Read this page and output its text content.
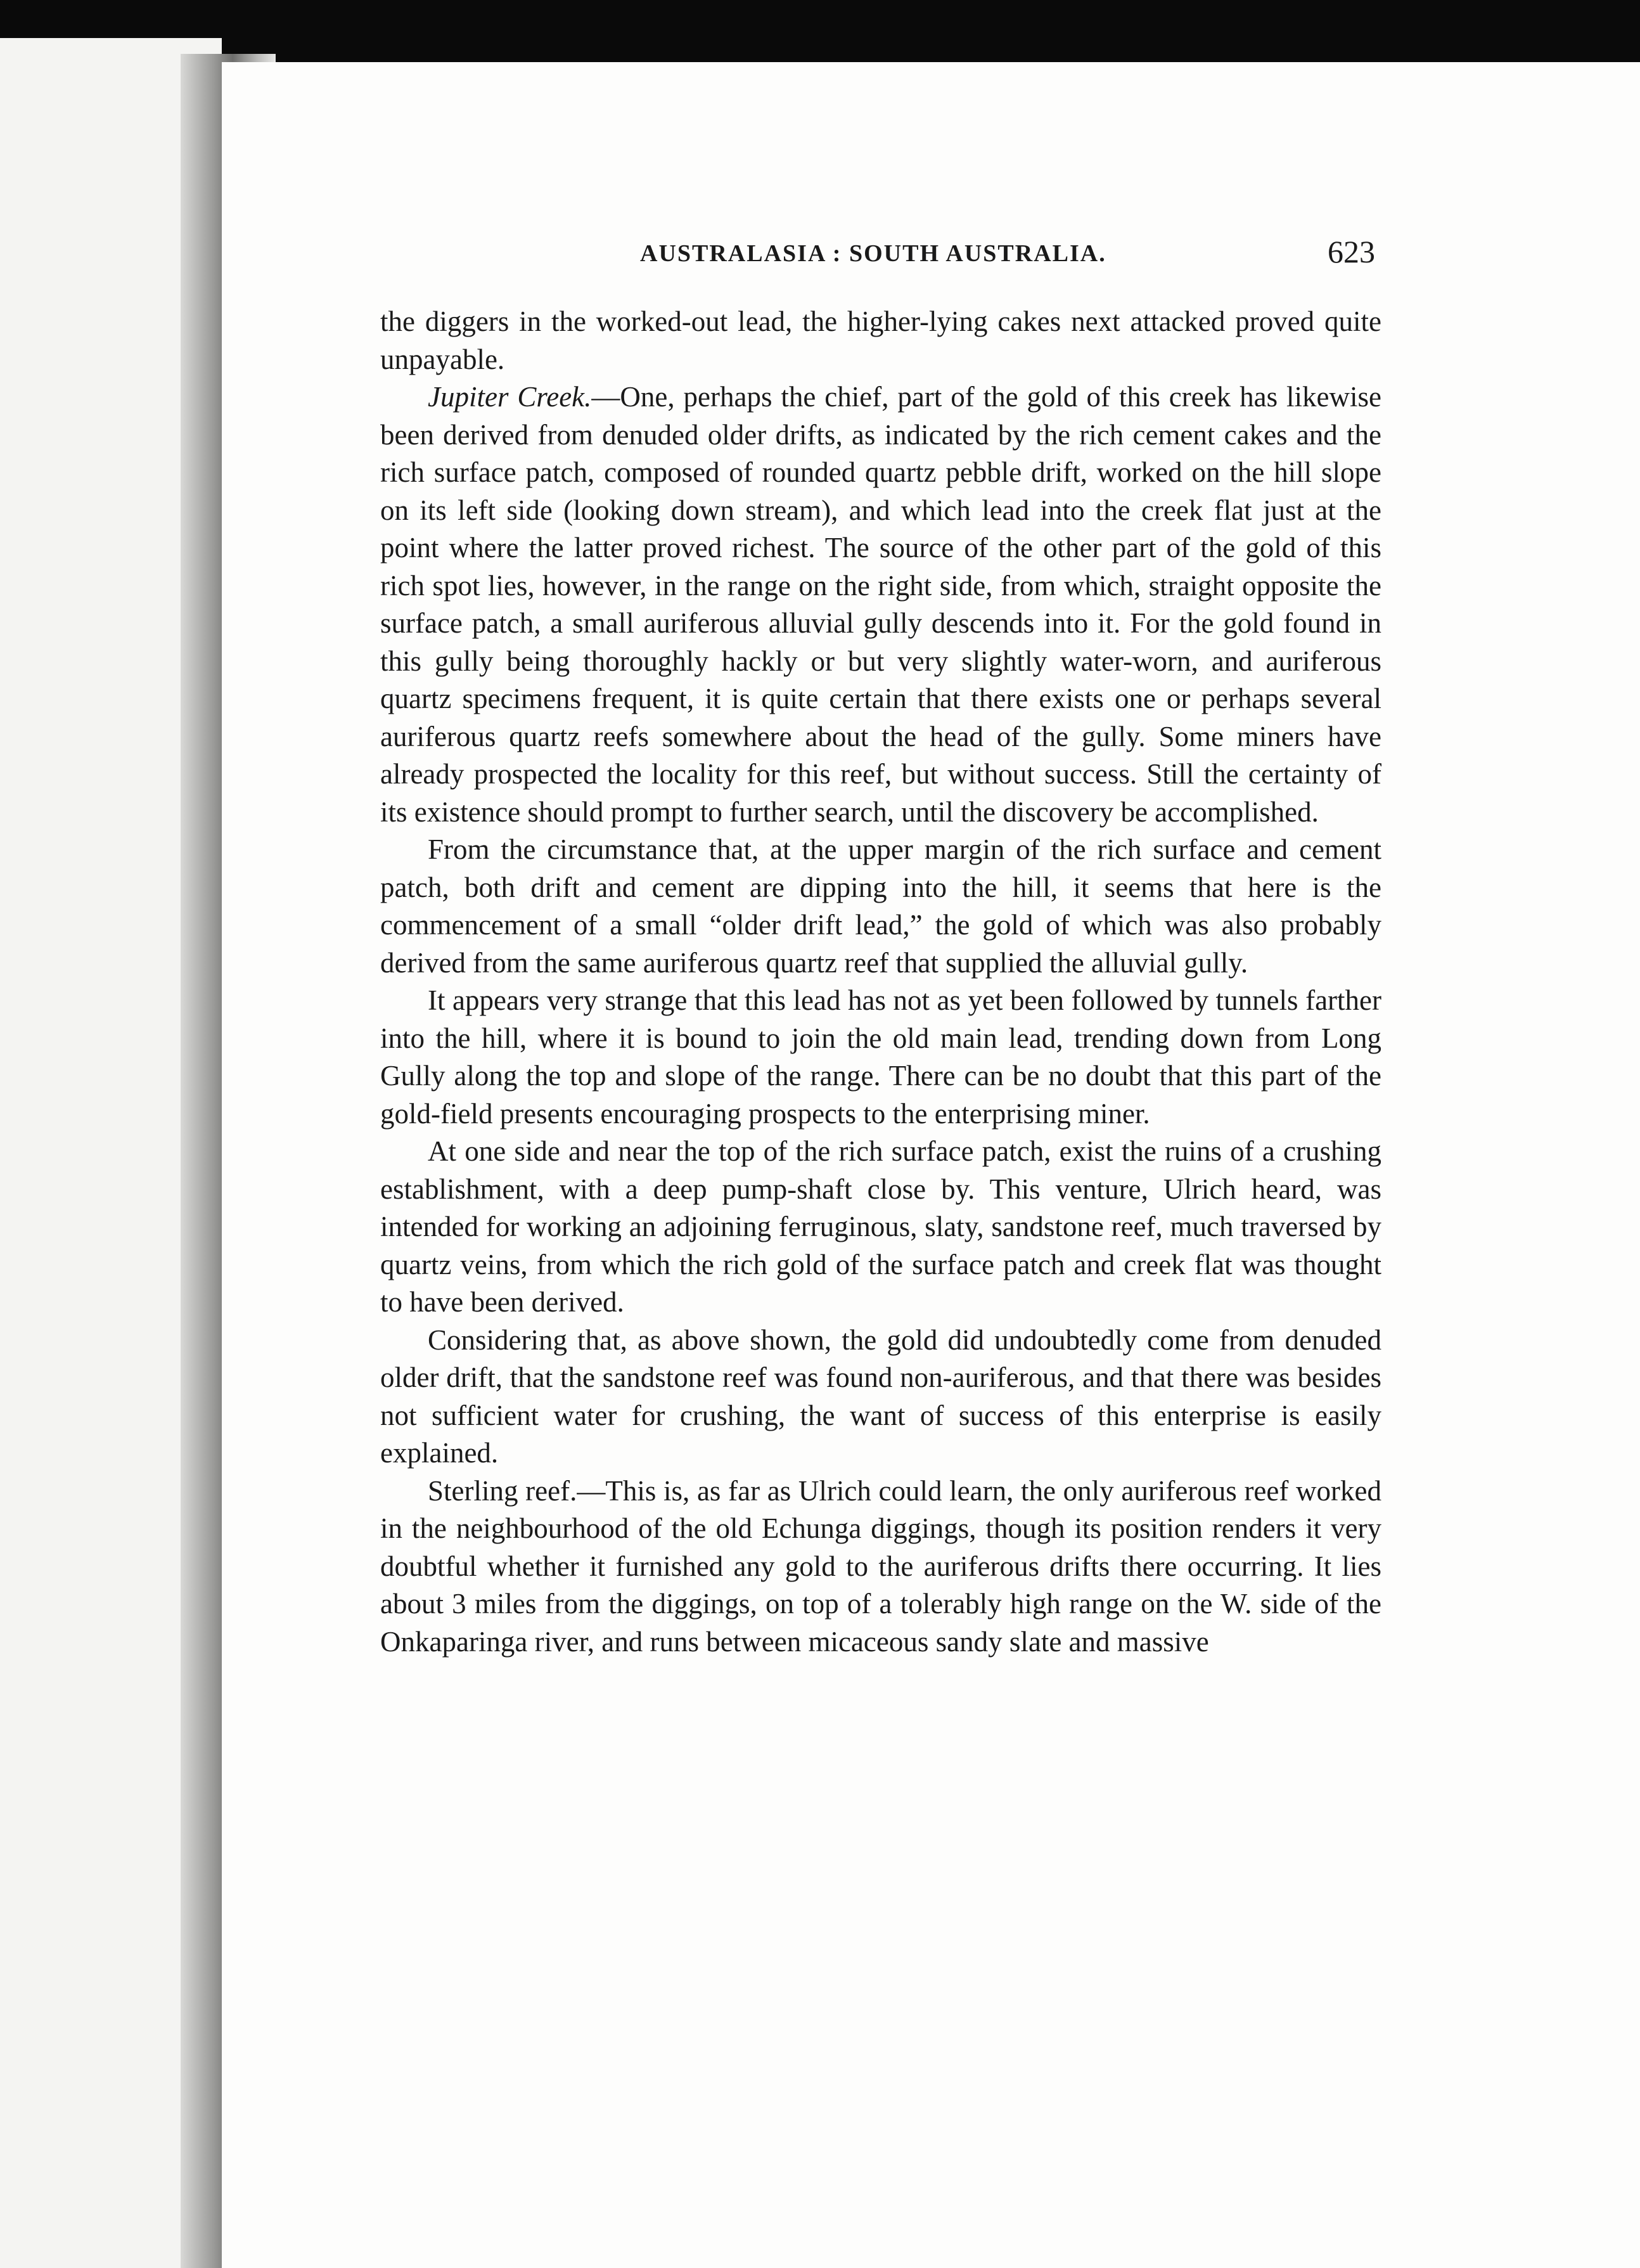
AUSTRALASIA : SOUTH AUSTRALIA.	623

the diggers in the worked-out lead, the higher-lying cakes next attacked proved quite unpayable.

Jupiter Creek.—One, perhaps the chief, part of the gold of this creek has likewise been derived from denuded older drifts, as indicated by the rich cement cakes and the rich surface patch, composed of rounded quartz pebble drift, worked on the hill slope on its left side (looking down stream), and which lead into the creek flat just at the point where the latter proved richest. The source of the other part of the gold of this rich spot lies, however, in the range on the right side, from which, straight opposite the surface patch, a small auriferous alluvial gully descends into it. For the gold found in this gully being thoroughly hackly or but very slightly water-worn, and auriferous quartz specimens frequent, it is quite certain that there exists one or perhaps several auriferous quartz reefs somewhere about the head of the gully. Some miners have already prospected the locality for this reef, but without success. Still the certainty of its existence should prompt to further search, until the discovery be accomplished.

From the circumstance that, at the upper margin of the rich surface and cement patch, both drift and cement are dipping into the hill, it seems that here is the commencement of a small “older drift lead,” the gold of which was also probably derived from the same auriferous quartz reef that supplied the alluvial gully.

It appears very strange that this lead has not as yet been followed by tunnels farther into the hill, where it is bound to join the old main lead, trending down from Long Gully along the top and slope of the range. There can be no doubt that this part of the gold-field presents encouraging prospects to the enterprising miner.

At one side and near the top of the rich surface patch, exist the ruins of a crushing establishment, with a deep pump-shaft close by. This venture, Ulrich heard, was intended for working an adjoining ferruginous, slaty, sandstone reef, much traversed by quartz veins, from which the rich gold of the surface patch and creek flat was thought to have been derived.

Considering that, as above shown, the gold did undoubtedly come from denuded older drift, that the sandstone reef was found non-auriferous, and that there was besides not sufficient water for crushing, the want of success of this enterprise is easily explained.

Sterling reef.—This is, as far as Ulrich could learn, the only auriferous reef worked in the neighbourhood of the old Echunga diggings, though its position renders it very doubtful whether it furnished any gold to the auriferous drifts there occurring. It lies about 3 miles from the diggings, on top of a tolerably high range on the W. side of the Onkaparinga river, and runs between micaceous sandy slate and massive
